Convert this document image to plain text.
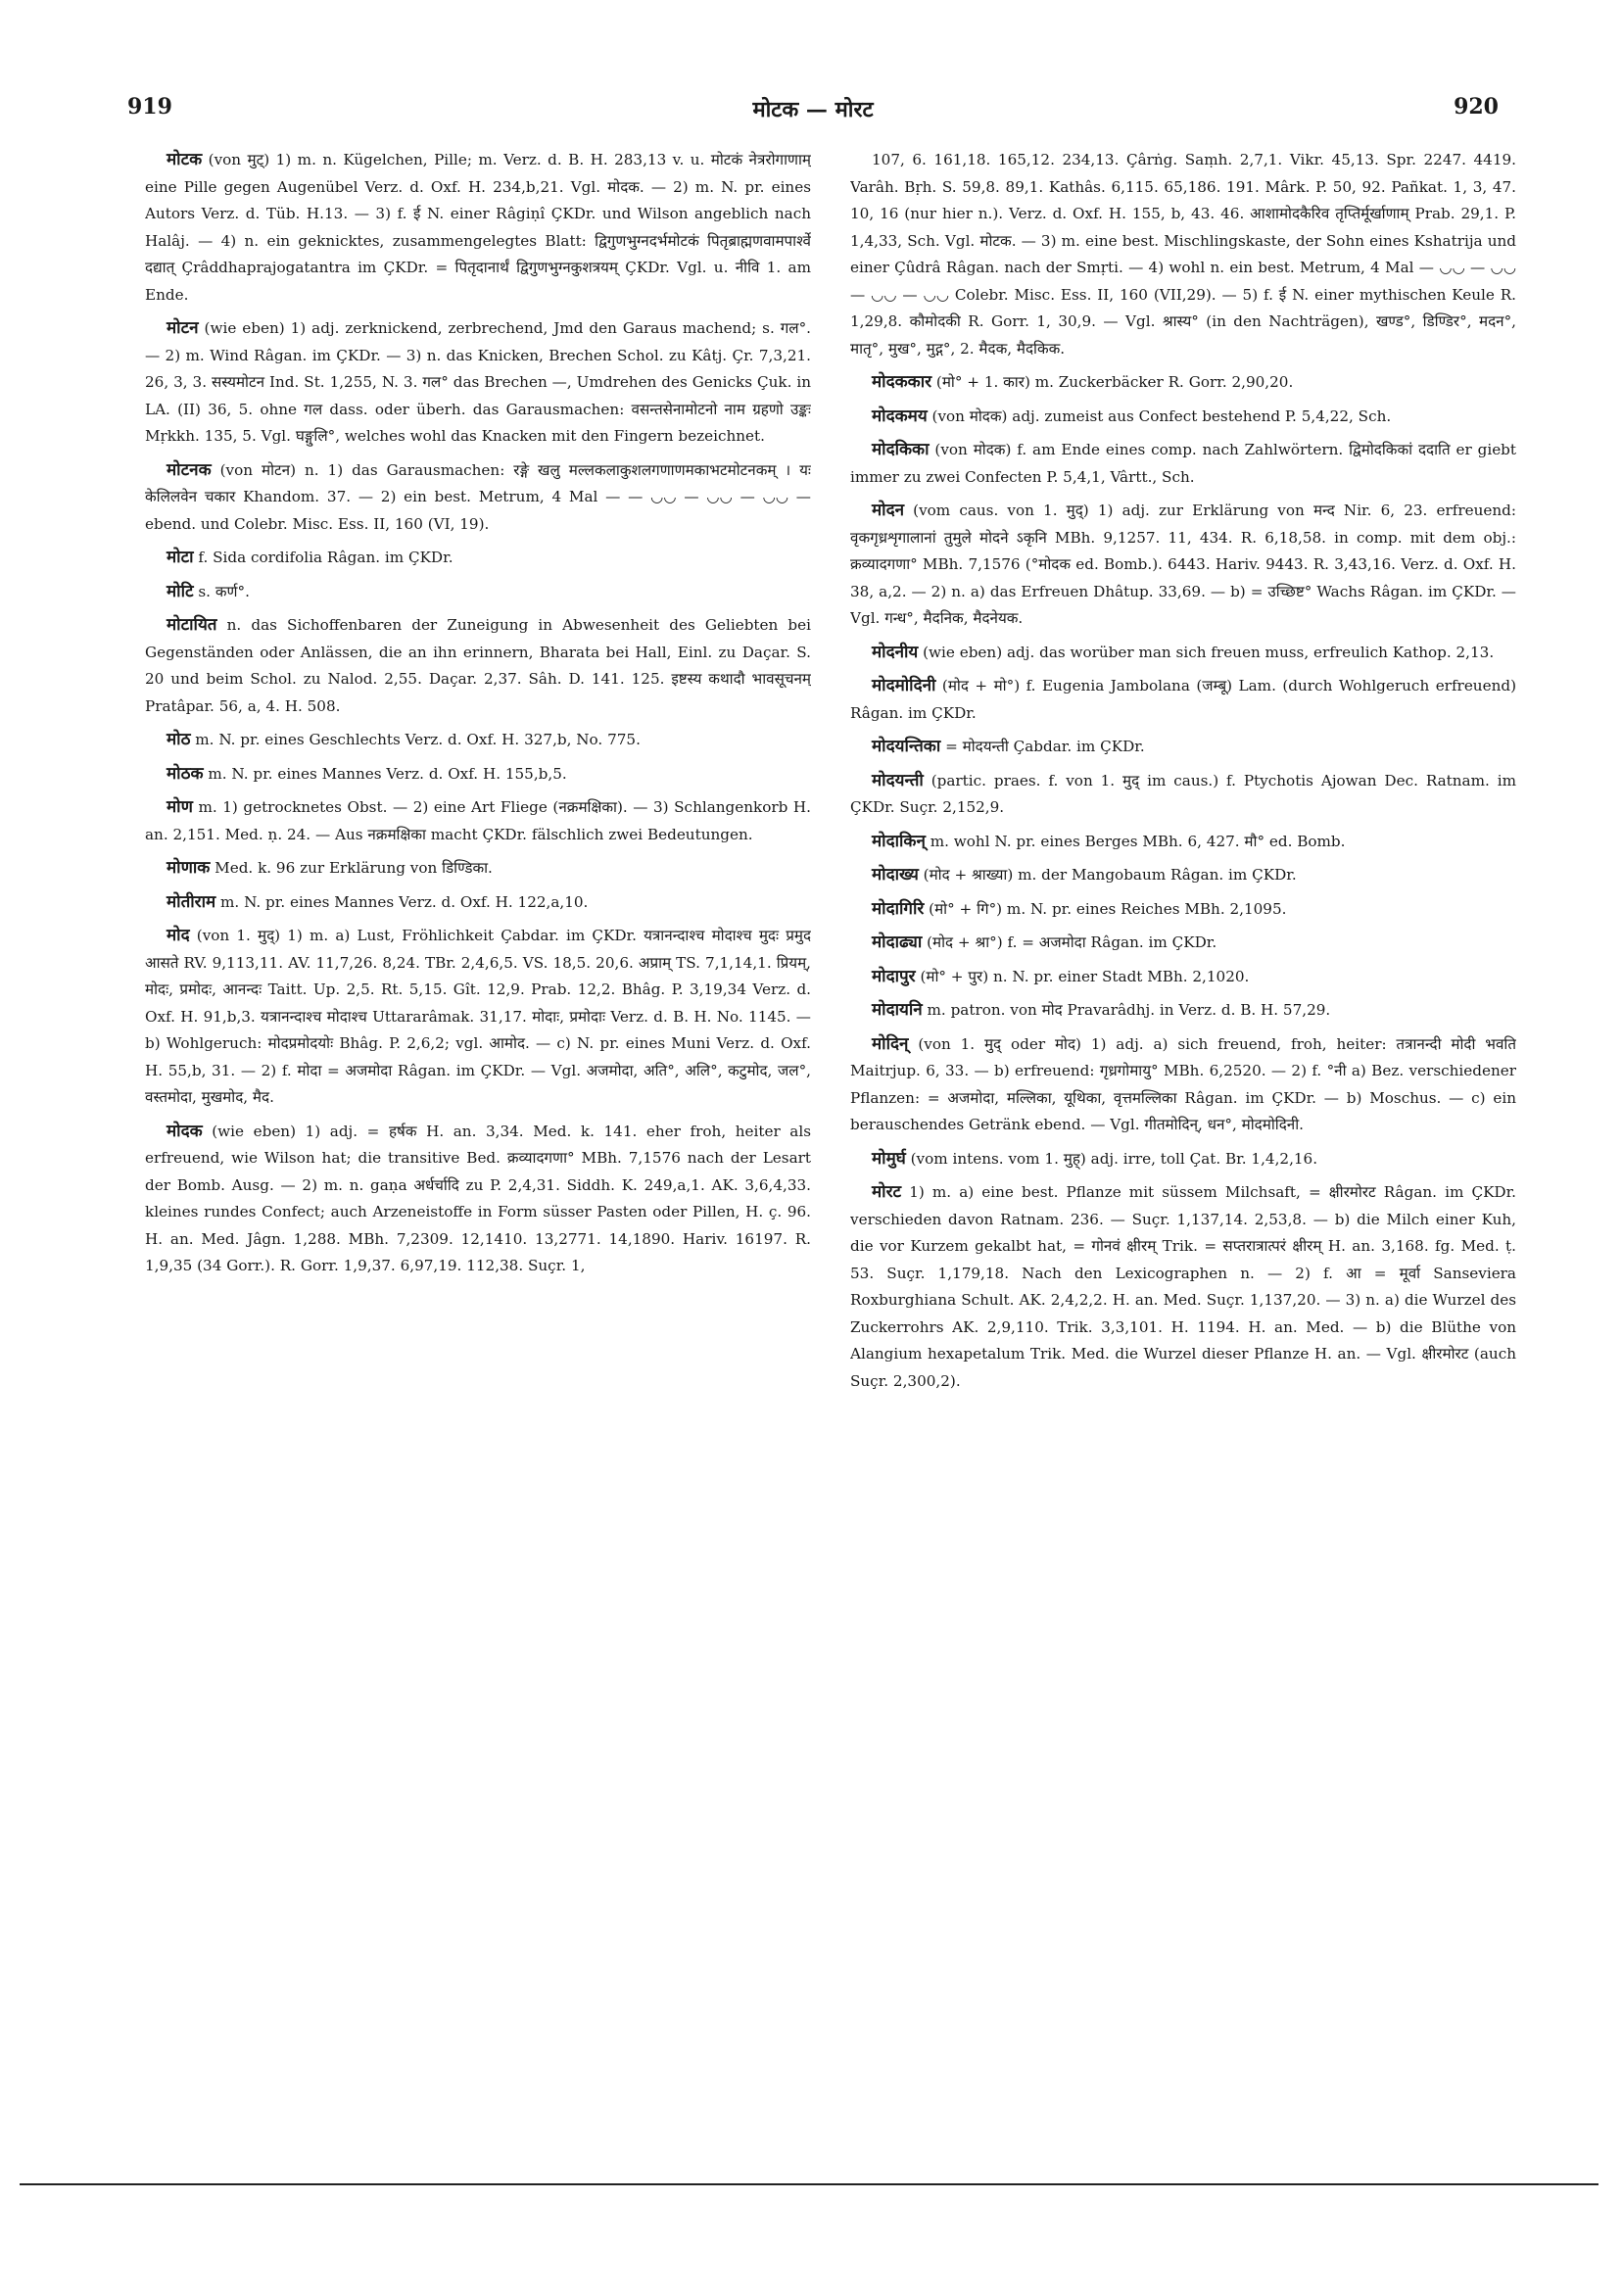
919	मोटक — मोरट	920

मोटक (von मुट्) 1) m. n. Kügelchen, Pille; m. Verz. d. B. H. 283,13 v. u. मोटकं नेत्ररोगाणाम् eine Pille gegen Augenübel Verz. d. Oxf. H. 234,b,21. Vgl. मोदक. — 2) m. N. pr. eines Autors Verz. d. Tüb. H.13. — 3) f. ई N. einer Râgiṇî ÇKDr. und Wilson angeblich nach Halâj. — 4) n. ein geknicktes, zusammengelegtes Blatt: द्विगुणभुग्नदर्भमोटकं पितृब्राह्मणवामपार्श्वे दद्यात् Çrâddhaprajogatantra im ÇKDr. = पितृदानार्थं द्विगुणभुग्नकुशत्रयम् ÇKDr. Vgl. u. नीवि 1. am Ende.

मोटन (wie eben) 1) adj. zerknickend, zerbrechend, Jmd den Garaus machend; s. गल°. — 2) m. Wind Râgan. im ÇKDr. — 3) n. das Knicken, Brechen Schol. zu Kâtj. Çr. 7,3,21. 26, 3, 3. सस्यमोटन Ind. St. 1,255, N. 3. गल° das Brechen —, Umdrehen des Genicks Çuk. in LA. (II) 36, 5. ohne गल dass. oder überh. das Garausmachen: वसन्तसेनामोटनो नाम ग्रहणो उङ्कः Mṛkkh. 135, 5. Vgl. घङ्गुलि°, welches wohl das Knacken mit den Fingern bezeichnet.

मोटनक (von मोटन) n. 1) das Garausmachen: रङ्गे खलु मल्लकलाकुशलगणाणमकाभटमोटनकम् । यः केलिलवेन चकार Khandom. 37. — 2) ein best. Metrum, 4 Mal — — ◡◡ — ◡◡ — ◡◡ — ebend. und Colebr. Misc. Ess. II, 160 (VI, 19).

मोटा f. Sida cordifolia Râgan. im ÇKDr.

मोटि s. कर्ण°.

मोटायित n. das Sichoffenbaren der Zuneigung in Abwesenheit des Geliebten bei Gegenständen oder Anlässen, die an ihn erinnern, Bharata bei Hall, Einl. zu Daçar. S. 20 und beim Schol. zu Nalod. 2,55. Daçar. 2,37. Sâh. D. 141. 125. इष्टस्य कथादौ भावसूचनम् Pratâpar. 56, a, 4. H. 508.

मोठ m. N. pr. eines Geschlechts Verz. d. Oxf. H. 327,b, No. 775.

मोठक m. N. pr. eines Mannes Verz. d. Oxf. H. 155,b,5.

मोण m. 1) getrocknetes Obst. — 2) eine Art Fliege (नक्रमक्षिका). — 3) Schlangenkorb H. an. 2,151. Med. ṇ. 24. — Aus नक्रमक्षिका macht ÇKDr. fälschlich zwei Bedeutungen.

मोणाक Med. k. 96 zur Erklärung von डिण्डिका.

मोतीराम m. N. pr. eines Mannes Verz. d. Oxf. H. 122,a,10.

मोद (von 1. मुद्) 1) m. a) Lust, Fröhlichkeit Çabdar. im ÇKDr. यत्रानन्दाश्च मोदाश्च मुदः प्रमुद आसते RV. 9,113,11. AV. 11,7,26. 8,24. TBr. 2,4,6,5. VS. 18,5. 20,6. अप्राम् TS. 7,1,14,1. प्रियम्, मोदः, प्रमोदः, आनन्दः Taitt. Up. 2,5. Rt. 5,15. Gît. 12,9. Prab. 12,2. Bhâg. P. 3,19,34 Verz. d. Oxf. H. 91,b,3. यत्रानन्दाश्च मोदाश्च Uttararâmak. 31,17. मोदाः, प्रमोदाः Verz. d. B. H. No. 1145. — b) Wohlgeruch: मोदप्रमोदयोः Bhâg. P. 2,6,2; vgl. आमोद. — c) N. pr. eines Muni Verz. d. Oxf. H. 55,b, 31. — 2) f. मोदा = अजमोदा Râgan. im ÇKDr. — Vgl. अजमोदा, अति°, अलि°, कटुमोद, जल°, वस्तमोदा, मुखमोद, मैद.

मोदक (wie eben) 1) adj. = हर्षक H. an. 3,34. Med. k. 141. eher froh, heiter als erfreuend, wie Wilson hat; die transitive Bed. क्रव्यादगणा° MBh. 7,1576 nach der Lesart der Bomb. Ausg. — 2) m. n. gaṇa अर्धर्चादि zu P. 2,4,31. Siddh. K. 249,a,1. AK. 3,6,4,33. kleines rundes Confect; auch Arzeneistoffe in Form süsser Pasten oder Pillen, H. ç. 96. H. an. Med. Jâgn. 1,288. MBh. 7,2309. 12,1410. 13,2771. 14,1890. Hariv. 16197. R. 1,9,35 (34 Gorr.). R. Gorr. 1,9,37. 6,97,19. 112,38. Suçr. 1,

107, 6. 161,18. 165,12. 234,13. Çârṅg. Saṃh. 2,7,1. Vikr. 45,13. Spr. 2247. 4419. Varâh. Bṛh. S. 59,8. 89,1. Kathâs. 6,115. 65,186. 191. Mârk. P. 50, 92. Pañkat. 1, 3, 47. 10, 16 (nur hier n.). Verz. d. Oxf. H. 155, b, 43. 46. आशामोदकैरिव तृप्तिर्मूर्खाणाम् Prab. 29,1. P. 1,4,33, Sch. Vgl. मोटक. — 3) m. eine best. Mischlingskaste, der Sohn eines Kshatrija und einer Çûdrâ Râgan. nach der Smṛti. — 4) wohl n. ein best. Metrum, 4 Mal — ◡◡ — ◡◡ — ◡◡ — ◡◡ Colebr. Misc. Ess. II, 160 (VII,29). — 5) f. ई N. einer mythischen Keule R. 1,29,8. कौमोदकी R. Gorr. 1, 30,9. — Vgl. श्रास्य° (in den Nachträgen), खण्ड°, डिण्डिर°, मदन°, मातृ°, मुख°, मुद्ग°, 2. मैदक, मैदकिक.

मोदककार (मो° + 1. कार) m. Zuckerbäcker R. Gorr. 2,90,20.

मोदकमय (von मोदक) adj. zumeist aus Confect bestehend P. 5,4,22, Sch.

मोदकिका (von मोदक) f. am Ende eines comp. nach Zahlwörtern. द्विमोदकिकां ददाति er giebt immer zu zwei Confecten P. 5,4,1, Vârtt., Sch.

मोदन (vom caus. von 1. मुद्) 1) adj. zur Erklärung von मन्द Nir. 6, 23. erfreuend: वृकगृध्रशृगालानां तुमुले मोदने ऽकृनि MBh. 9,1257. 11, 434. R. 6,18,58. in comp. mit dem obj.: क्रव्यादगणा° MBh. 7,1576 (°मोदक ed. Bomb.). 6443. Hariv. 9443. R. 3,43,16. Verz. d. Oxf. H. 38, a,2. — 2) n. a) das Erfreuen Dhâtup. 33,69. — b) = उच्छिष्ट° Wachs Râgan. im ÇKDr. — Vgl. गन्ध°, मैदनिक, मैदनेयक.

मोदनीय (wie eben) adj. das worüber man sich freuen muss, erfreulich Kathop. 2,13.

मोदमोदिनी (मोद + मो°) f. Eugenia Jambolana (जम्बू) Lam. (durch Wohlgeruch erfreuend) Râgan. im ÇKDr.

मोदयन्तिका = मोदयन्ती Çabdar. im ÇKDr.

मोदयन्ती (partic. praes. f. von 1. मुद् im caus.) f. Ptychotis Ajowan Dec. Ratnam. im ÇKDr. Suçr. 2,152,9.

मोदाकिन् m. wohl N. pr. eines Berges MBh. 6, 427. मौ° ed. Bomb.

मोदाख्य (मोद + श्राख्या) m. der Mangobaum Râgan. im ÇKDr.

मोदागिरि (मो° + गि°) m. N. pr. eines Reiches MBh. 2,1095.

मोदाढ्या (मोद + श्रा°) f. = अजमोदा Râgan. im ÇKDr.

मोदापुर (मो° + पुर) n. N. pr. einer Stadt MBh. 2,1020.

मोदायनि m. patron. von मोद Pravarâdhj. in Verz. d. B. H. 57,29.

मोदिन् (von 1. मुद् oder मोद) 1) adj. a) sich freuend, froh, heiter: तत्रानन्दी मोदी भवति Maitrjup. 6, 33. — b) erfreuend: गृध्रगोमायु° MBh. 6,2520. — 2) f. °नी a) Bez. verschiedener Pflanzen: = अजमोदा, मल्लिका, यूथिका, वृत्तमल्लिका Râgan. im ÇKDr. — b) Moschus. — c) ein berauschendes Getränk ebend. — Vgl. गीतमोदिन्, धन°, मोदमोदिनी.

मोमुर्घ (vom intens. vom 1. मुह्) adj. irre, toll Çat. Br. 1,4,2,16.

मोरट 1) m. a) eine best. Pflanze mit süssem Milchsaft, = क्षीरमोरट Râgan. im ÇKDr. verschieden davon Ratnam. 236. — Suçr. 1,137,14. 2,53,8. — b) die Milch einer Kuh, die vor Kurzem gekalbt hat, = गोनवं क्षीरम् Trik. = सप्तरात्रात्परं क्षीरम् H. an. 3,168. fg. Med. ṭ. 53. Suçr. 1,179,18. Nach den Lexicographen n. — 2) f. आ = मूर्वा Sanseviera Roxburghiana Schult. AK. 2,4,2,2. H. an. Med. Suçr. 1,137,20. — 3) n. a) die Wurzel des Zuckerrohrs AK. 2,9,110. Trik. 3,3,101. H. 1194. H. an. Med. — b) die Blüthe von Alangium hexapetalum Trik. Med. die Wurzel dieser Pflanze H. an. — Vgl. क्षीरमोरट (auch Suçr. 2,300,2).
